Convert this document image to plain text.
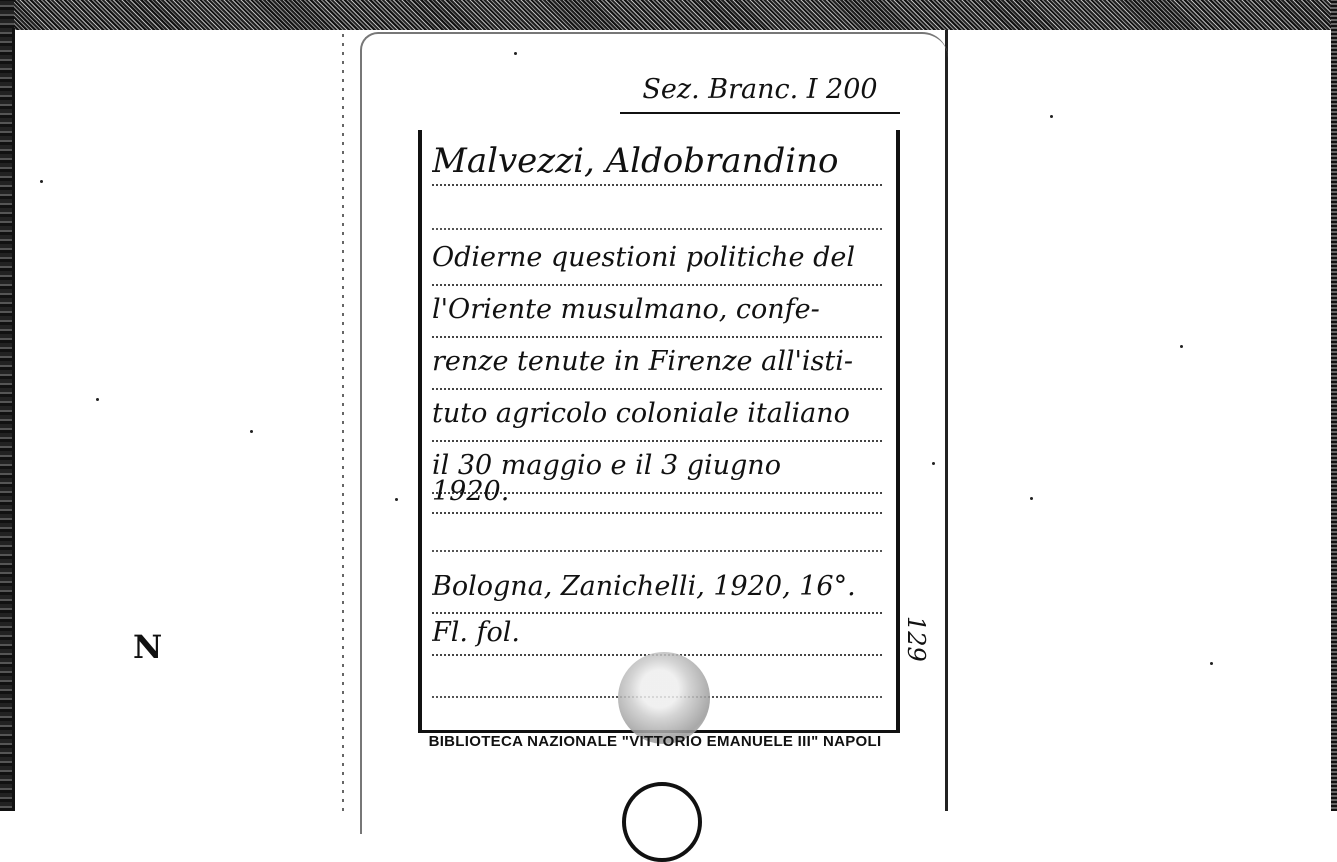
Sez. Branc. I 200
Malvezzi, Aldobrandino
Odierne questioni politiche del
l'Oriente musulmano, confe-
renze tenute in Firenze all'isti-
tuto agricolo coloniale italiano
il 30 maggio e il 3 giugno
1920.
Bologna, Zanichelli, 1920, 16°.
Fl. fol.	129
BIBLIOTECA NAZIONALE "VITTORIO EMANUELE III" NAPOLI
N
